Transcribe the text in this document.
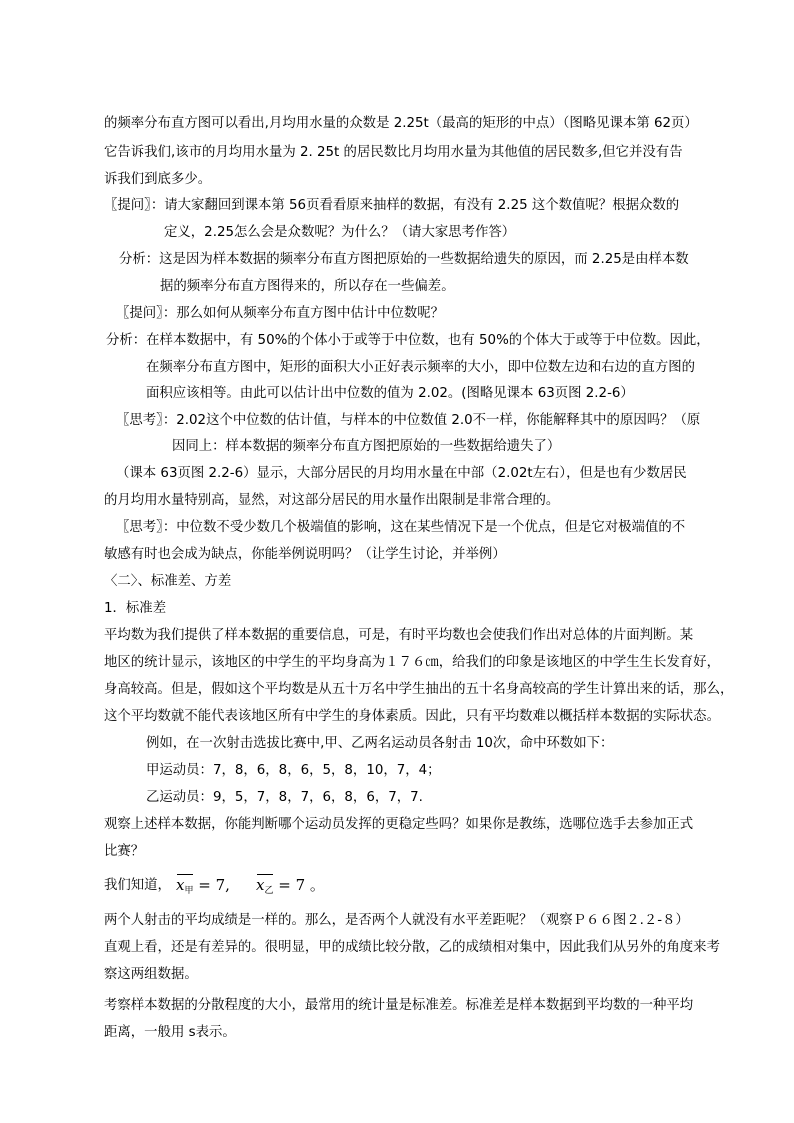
的频率分布直方图可以看出,月均用水量的众数是 2.25t（最高的矩形的中点）（图略见课本第 62页）
它告诉我们,该市的月均用水量为 2. 25t 的居民数比月均用水量为其他值的居民数多,但它并没有告
诉我们到底多少。
〖提问〗：请大家翻回到课本第 56页看看原来抽样的数据，有没有 2.25 这个数值呢？根据众数的
定义，2.25怎么会是众数呢？为什么？（请大家思考作答）
分析：这是因为样本数据的频率分布直方图把原始的一些数据给遗失的原因，而 2.25是由样本数
据的频率分布直方图得来的，所以存在一些偏差。
〖提问〗：那么如何从频率分布直方图中估计中位数呢？
分析：在样本数据中，有 50%的个体小于或等于中位数，也有 50%的个体大于或等于中位数。因此，
在频率分布直方图中，矩形的面积大小正好表示频率的大小，即中位数左边和右边的直方图的
面积应该相等。由此可以估计出中位数的值为 2.02。(图略见课本 63页图 2.2-6）
〖思考〗：2.02这个中位数的估计值，与样本的中位数值 2.0不一样，你能解释其中的原因吗？（原
因同上：样本数据的频率分布直方图把原始的一些数据给遗失了）
（课本 63页图 2.2-6）显示，大部分居民的月均用水量在中部（2.02t左右），但是也有少数居民
的月均用水量特别高，显然，对这部分居民的用水量作出限制是非常合理的。
〖思考〗：中位数不受少数几个极端值的影响，这在某些情况下是一个优点，但是它对极端值的不
敏感有时也会成为缺点，你能举例说明吗？（让学生讨论，并举例）
〈二〉、标准差、方差
1．标准差
平均数为我们提供了样本数据的重要信息，可是，有时平均数也会使我们作出对总体的片面判断。某
地区的统计显示，该地区的中学生的平均身高为１７６㎝，给我们的印象是该地区的中学生生长发育好，
身高较高。但是，假如这个平均数是从五十万名中学生抽出的五十名身高较高的学生计算出来的话，那么，
这个平均数就不能代表该地区所有中学生的身体素质。因此，只有平均数难以概括样本数据的实际状态。
例如，在一次射击选拔比赛中,甲、乙两名运动员各射击 10次，命中环数如下：
甲运动员：7，8，6，8，6，5，8，10，7，4；
乙运动员：9，5，7，8，7，6，8，6，7，7.
观察上述样本数据，你能判断哪个运动员发挥的更稳定些吗？如果你是教练，选哪位选手去参加正式
比赛？
我们知道， $x_甲 = 7$, $x_乙 = 7$ 。
两个人射击的平均成绩是一样的。那么，是否两个人就没有水平差距呢？（观察Ｐ６６图２.２-８）
直观上看，还是有差异的。很明显，甲的成绩比较分散，乙的成绩相对集中，因此我们从另外的角度来考
察这两组数据。
考察样本数据的分散程度的大小，最常用的统计量是标准差。标准差是样本数据到平均数的一种平均
距离，一般用 s表示。
